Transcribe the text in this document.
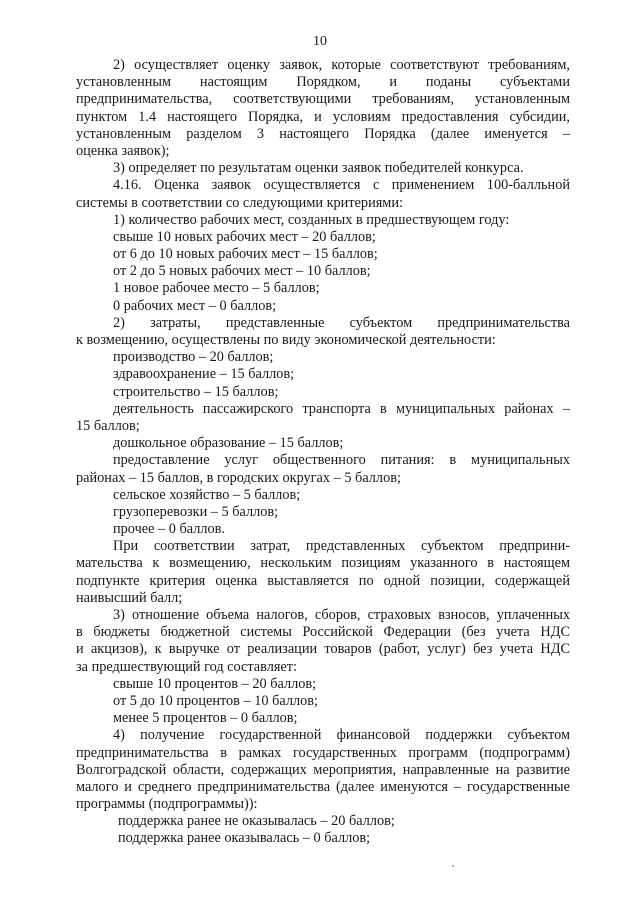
10
2) осуществляет оценку заявок, которые соответствуют требованиям,
установленным настоящим Порядком, и поданы субъектами
предпринимательства, соответствующими требованиям, установленным
пунктом 1.4 настоящего Порядка, и условиям предоставления субсидии,
установленным разделом 3 настоящего Порядка (далее именуется –
оценка заявок);
3) определяет по результатам оценки заявок победителей конкурса.
4.16. Оценка заявок осуществляется с применением 100-балльной
системы в соответствии со следующими критериями:
1) количество рабочих мест, созданных в предшествующем году:
свыше 10 новых рабочих мест – 20 баллов;
от 6 до 10 новых рабочих мест – 15 баллов;
от 2 до 5 новых рабочих мест – 10 баллов;
1 новое рабочее место – 5 баллов;
0 рабочих мест – 0 баллов;
2) затраты, представленные субъектом предпринимательства
к возмещению, осуществлены по виду экономической деятельности:
производство – 20 баллов;
здравоохранение – 15 баллов;
строительство – 15 баллов;
деятельность пассажирского транспорта в муниципальных районах –
15 баллов;
дошкольное образование – 15 баллов;
предоставление услуг общественного питания: в муниципальных
районах – 15 баллов, в городских округах – 5 баллов;
сельское хозяйство – 5 баллов;
грузоперевозки – 5 баллов;
прочее – 0 баллов.
При соответствии затрат, представленных субъектом предприни-
мательства к возмещению, нескольким позициям указанного в настоящем
подпункте критерия оценка выставляется по одной позиции, содержащей
наивысший балл;
3) отношение объема налогов, сборов, страховых взносов, уплаченных
в бюджеты бюджетной системы Российской Федерации (без учета НДС
и акцизов), к выручке от реализации товаров (работ, услуг) без учета НДС
за предшествующий год составляет:
свыше 10 процентов – 20 баллов;
от 5 до 10 процентов – 10 баллов;
менее 5 процентов – 0 баллов;
4) получение государственной финансовой поддержки субъектом
предпринимательства в рамках государственных программ (подпрограмм)
Волгоградской области, содержащих мероприятия, направленные на развитие
малого и среднего предпринимательства (далее именуются – государственные
программы (подпрограммы)):
поддержка ранее не оказывалась – 20 баллов;
поддержка ранее оказывалась – 0 баллов;
